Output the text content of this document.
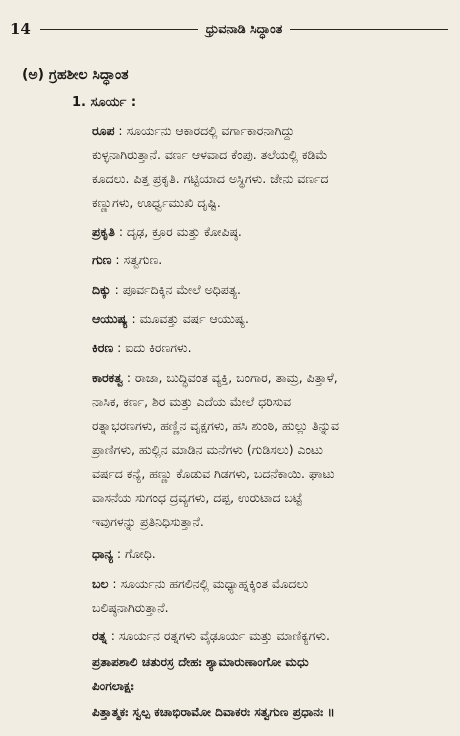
14	ಧ್ರುವನಾಡಿ ಸಿದ್ಧಾಂತ
(ಅ) ಗ್ರಹಶೀಲ ಸಿದ್ಧಾಂತ
1. ಸೂರ್ಯ :
ರೂಪ : ಸೂರ್ಯನು ಆಕಾರದಲ್ಲಿ ವರ್ಗಾಕಾರನಾಗಿದ್ದು
ಕುಳ್ಳನಾಗಿರುತ್ತಾನೆ. ವರ್ಣ ಆಳವಾದ ಕೆಂಪು. ತಲೆಯಲ್ಲಿ ಕಡಿಮೆ
ಕೂದಲು. ಪಿತ್ತ ಪ್ರಕೃತಿ. ಗಟ್ಟಿಯಾದ ಅಸ್ಥಿಗಳು. ಜೇನು ವರ್ಣದ
ಕಣ್ಣುಗಳು, ಊರ್ಧ್ವಮುಖಿ ದೃಷ್ಟಿ.
ಪ್ರಕೃತಿ : ದೃಢ, ಕ್ರೂರ ಮತ್ತು ಕೋಪಿಷ್ಠ.
ಗುಣ : ಸತ್ವಗುಣ.
ದಿಕ್ಕು : ಪೂರ್ವದಿಕ್ಕಿನ ಮೇಲೆ ಅಧಿಪತ್ಯ.
ಆಯುಷ್ಯ : ಮೂವತ್ತು ವರ್ಷ ಆಯುಷ್ಯ.
ಕಿರಣ : ಐದು ಕಿರಣಗಳು.
ಕಾರಕತ್ವ : ರಾಜಾ, ಬುದ್ಧಿವಂತ ವ್ಯಕ್ತಿ, ಬಂಗಾರ, ತಾಮ್ರ, ಪಿತ್ತಾಳೆ,
ನಾಸಿಕ, ಕರ್ಣ, ಶಿರ ಮತ್ತು ಎದೆಯ ಮೇಲೆ ಧರಿಸುವ
ರತ್ನಾಭರಣಗಳು, ಹಣ್ಣಿನ ವೃಕ್ಷಗಳು, ಹಸಿ ಶುಂಠಿ, ಹುಲ್ಲು ತಿನ್ನುವ
ಪ್ರಾಣಿಗಳು, ಹುಲ್ಲಿನ ಮಾಡಿನ ಮನೆಗಳು (ಗುಡಿಸಲು) ಎಂಟು
ವರ್ಷದ ಕನ್ಯೆ, ಹಣ್ಣು ಕೊಡುವ ಗಿಡಗಳು, ಬದನೆಕಾಯಿ. ಘಾಟು
ವಾಸನೆಯ ಸುಗಂಧ ದ್ರವ್ಯಗಳು, ದಪ್ಪ, ಉರುಟಾದ ಬಟ್ಟೆ
ಇವುಗಳನ್ನು ಪ್ರತಿನಿಧಿಸುತ್ತಾನೆ.
ಧಾನ್ಯ : ಗೋಧಿ.
ಬಲ : ಸೂರ್ಯನು ಹಗಲಿನಲ್ಲಿ ಮಧ್ಯಾಹ್ನಕ್ಕಿಂತ ಮೊದಲು
ಬಲಿಷ್ಠನಾಗಿರುತ್ತಾನೆ.
ರತ್ನ : ಸೂರ್ಯನ ರತ್ನಗಳು ವೈಢೂರ್ಯ ಮತ್ತು ಮಾಣಿಕ್ಯಗಳು.
ಪ್ರತಾಪಶಾಲಿ ಚತುರಸ್ರ ದೇಹಃ ಶ್ಯಾಮಾರುಣಾಂಗೋ ಮಧು
ಪಿಂಗಲಾಕ್ಷಃ
ಪಿತ್ತಾತ್ಮಕಃ ಸ್ವಲ್ಪ ಕಚಾಭಿರಾಮೋ ದಿವಾಕರಃ ಸತ್ವಗುಣ ಪ್ರಧಾನಃ ॥
